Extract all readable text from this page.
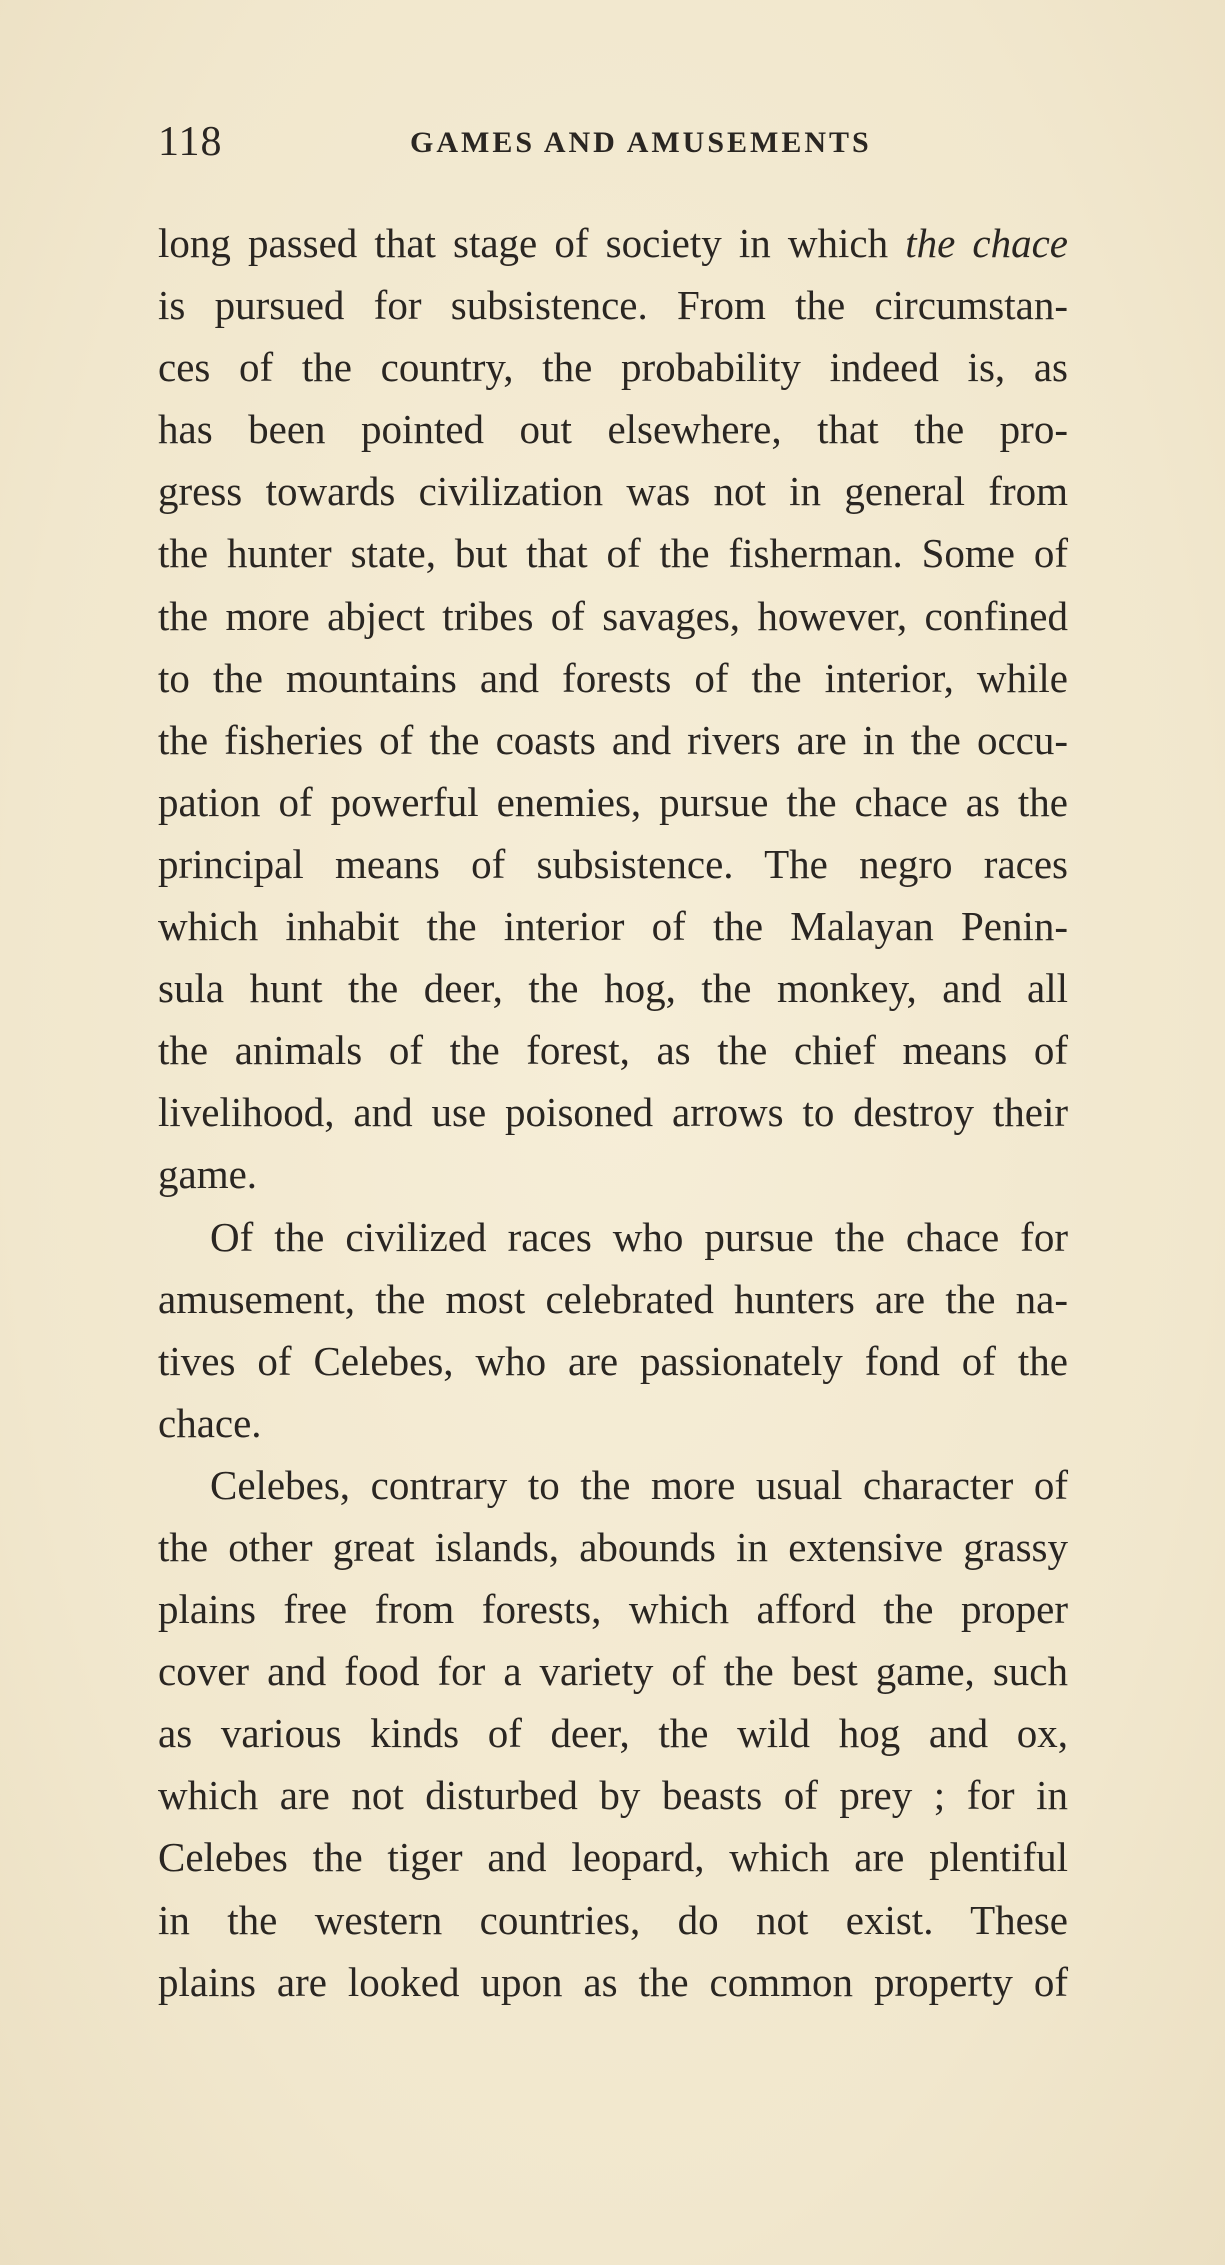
118	GAMES AND AMUSEMENTS
long passed that stage of society in which the chace
is pursued for subsistence. From the circumstan-
ces of the country, the probability indeed is, as
has been pointed out elsewhere, that the pro-
gress towards civilization was not in general from
the hunter state, but that of the fisherman. Some of
the more abject tribes of savages, however, confined
to the mountains and forests of the interior, while
the fisheries of the coasts and rivers are in the occu-
pation of powerful enemies, pursue the chace as the
principal means of subsistence. The negro races
which inhabit the interior of the Malayan Penin-
sula hunt the deer, the hog, the monkey, and all
the animals of the forest, as the chief means of
livelihood, and use poisoned arrows to destroy their
game.
Of the civilized races who pursue the chace for
amusement, the most celebrated hunters are the na-
tives of Celebes, who are passionately fond of the
chace.
Celebes, contrary to the more usual character of
the other great islands, abounds in extensive grassy
plains free from forests, which afford the proper
cover and food for a variety of the best game, such
as various kinds of deer, the wild hog and ox,
which are not disturbed by beasts of prey ; for in
Celebes the tiger and leopard, which are plentiful
in the western countries, do not exist. These
plains are looked upon as the common property of
